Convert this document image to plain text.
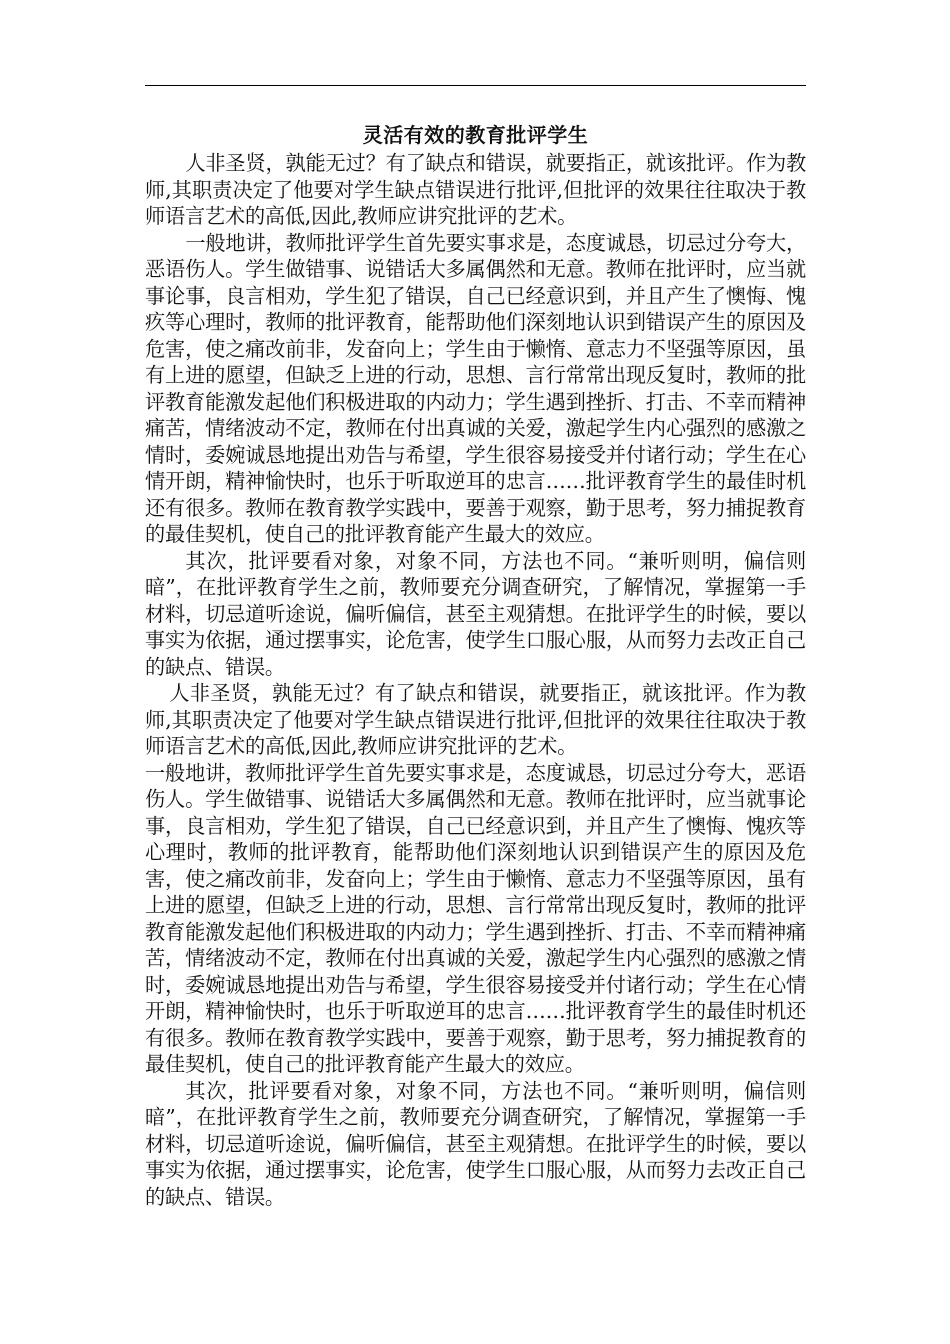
灵活有效的教育批评学生

人非圣贤，孰能无过？有了缺点和错误，就要指正，就该批评。作为教师,其职责决定了他要对学生缺点错误进行批评,但批评的效果往往取决于教师语言艺术的高低,因此,教师应讲究批评的艺术。

一般地讲，教师批评学生首先要实事求是，态度诚恳，切忌过分夸大，恶语伤人。学生做错事、说错话大多属偶然和无意。教师在批评时，应当就事论事，良言相劝，学生犯了错误，自己已经意识到，并且产生了懊悔、愧疚等心理时，教师的批评教育，能帮助他们深刻地认识到错误产生的原因及危害，使之痛改前非，发奋向上；学生由于懒惰、意志力不坚强等原因，虽有上进的愿望，但缺乏上进的行动，思想、言行常常出现反复时，教师的批评教育能激发起他们积极进取的内动力；学生遇到挫折、打击、不幸而精神痛苦，情绪波动不定，教师在付出真诚的关爱，激起学生内心强烈的感激之情时，委婉诚恳地提出劝告与希望，学生很容易接受并付诸行动；学生在心情开朗，精神愉快时，也乐于听取逆耳的忠言……批评教育学生的最佳时机还有很多。教师在教育教学实践中，要善于观察，勤于思考，努力捕捉教育的最佳契机，使自己的批评教育能产生最大的效应。

其次，批评要看对象，对象不同，方法也不同。“兼听则明，偏信则暗”，在批评教育学生之前，教师要充分调查研究，了解情况，掌握第一手材料，切忌道听途说，偏听偏信，甚至主观猜想。在批评学生的时候，要以事实为依据，通过摆事实，论危害，使学生口服心服，从而努力去改正自己的缺点、错误。

人非圣贤，孰能无过？有了缺点和错误，就要指正，就该批评。作为教师,其职责决定了他要对学生缺点错误进行批评,但批评的效果往往取决于教师语言艺术的高低,因此,教师应讲究批评的艺术。

一般地讲，教师批评学生首先要实事求是，态度诚恳，切忌过分夸大，恶语伤人。学生做错事、说错话大多属偶然和无意。教师在批评时，应当就事论事，良言相劝，学生犯了错误，自己已经意识到，并且产生了懊悔、愧疚等心理时，教师的批评教育，能帮助他们深刻地认识到错误产生的原因及危害，使之痛改前非，发奋向上；学生由于懒惰、意志力不坚强等原因，虽有上进的愿望，但缺乏上进的行动，思想、言行常常出现反复时，教师的批评教育能激发起他们积极进取的内动力；学生遇到挫折、打击、不幸而精神痛苦，情绪波动不定，教师在付出真诚的关爱，激起学生内心强烈的感激之情时，委婉诚恳地提出劝告与希望，学生很容易接受并付诸行动；学生在心情开朗，精神愉快时，也乐于听取逆耳的忠言……批评教育学生的最佳时机还有很多。教师在教育教学实践中，要善于观察，勤于思考，努力捕捉教育的最佳契机，使自己的批评教育能产生最大的效应。

其次，批评要看对象，对象不同，方法也不同。“兼听则明，偏信则暗”，在批评教育学生之前，教师要充分调查研究，了解情况，掌握第一手材料，切忌道听途说，偏听偏信，甚至主观猜想。在批评学生的时候，要以事实为依据，通过摆事实，论危害，使学生口服心服，从而努力去改正自己的缺点、错误。
